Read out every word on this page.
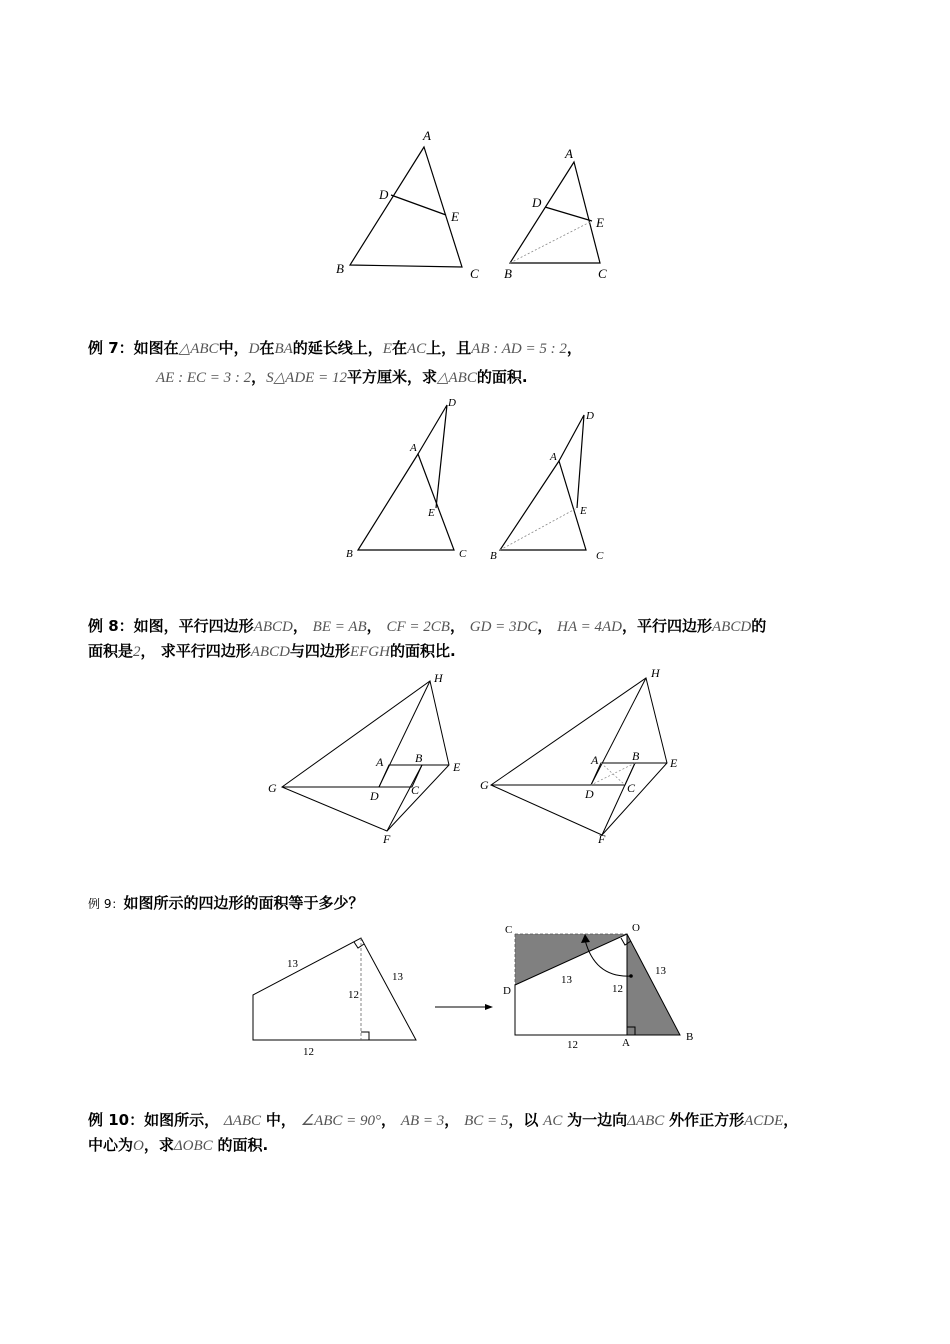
A
D
E
B	C
A
D
E
B	C
例 7：如图在△ABC中，D在BA的延长线上，E在AC上，且AB : AD = 5 : 2，
AE : EC = 3 : 2，S△ADE = 12平方厘米，求△ABC的面积.
A
D
E
B	C
A
D
E
B	C
例 8：如图，平行四边形ABCD， BE = AB， CF = 2CB， GD = 3DC， HA = 4AD，平行四边形ABCD的
面积是2， 求平行四边形ABCD与四边形EFGH的面积比.
H
A	B
E
G
D	C
F
H
A	B	E
G
D	C
F
例 9：如图所示的四边形的面积等于多少？
13
13
12
12
C	O
D
A	B
13
13
12
12
例 10：如图所示， ΔABC 中， ∠ABC = 90°， AB = 3， BC = 5，以 AC 为一边向ΔABC 外作正方形ACDE，
中心为O，求ΔOBC 的面积.
